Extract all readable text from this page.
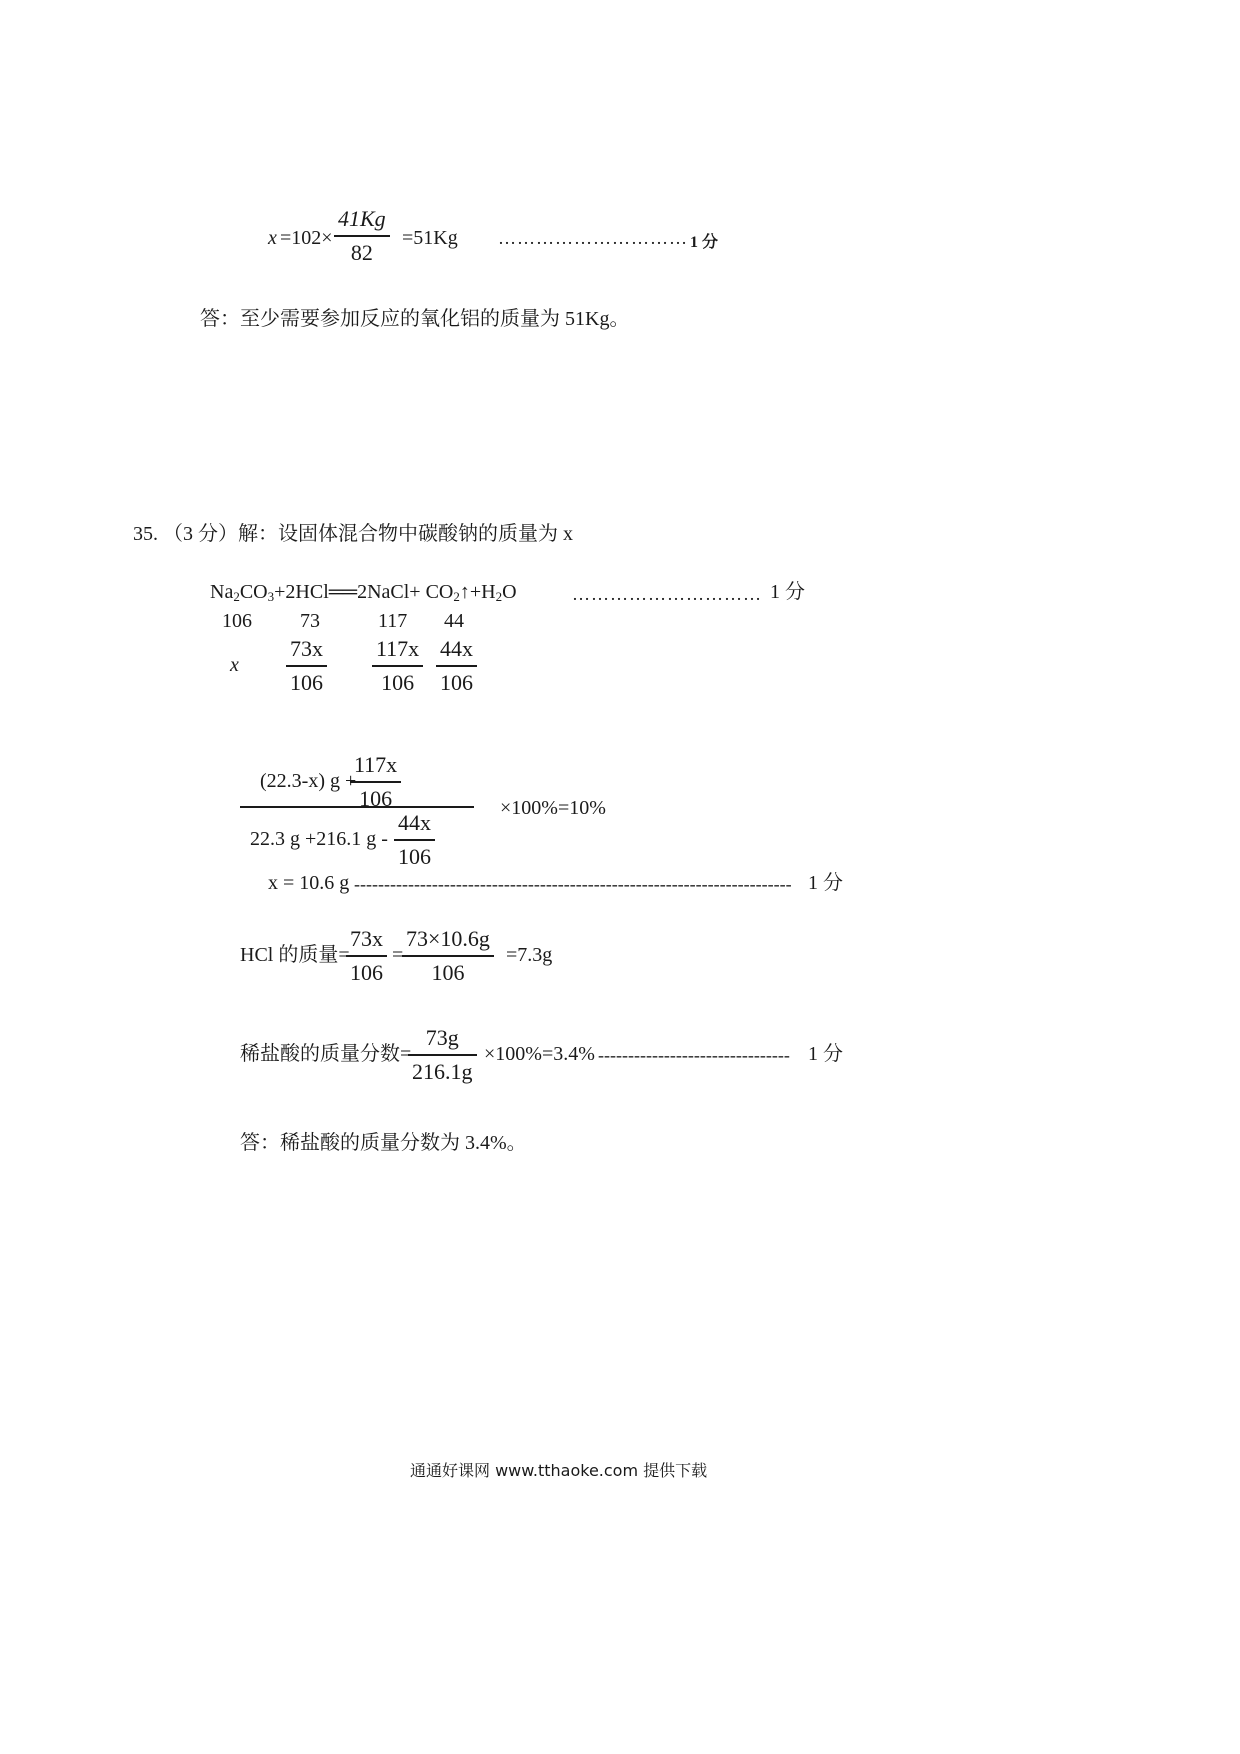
x =102×
41Kg
82
=51Kg ………………………… 1 分
答：至少需要参加反应的氧化铝的质量为 51Kg。
35. （3 分）解：设固体混合物中碳酸钠的质量为 x
$Na_2CO_3+2HCl══2NaCl+$ $CO_2↑+H_2O$	………………………… 1 分
106 73	117 44
x
73x
106
117x
106
44x
106
(22.3-x) g +
117x
106
22.3 g +216.1 g -
44x
106
×100%=10%
x = 10.6 g ------------------------------------------------------------------------- 1 分
HCl 的质量=
73x
106
=
73×10.6g
106
=7.3g
稀盐酸的质量分数=
73g
216.1g
×100%=3.4% -------------------------------- 1 分
答：稀盐酸的质量分数为 3.4%。
通通好课网 www.tthaoke.com 提供下载
